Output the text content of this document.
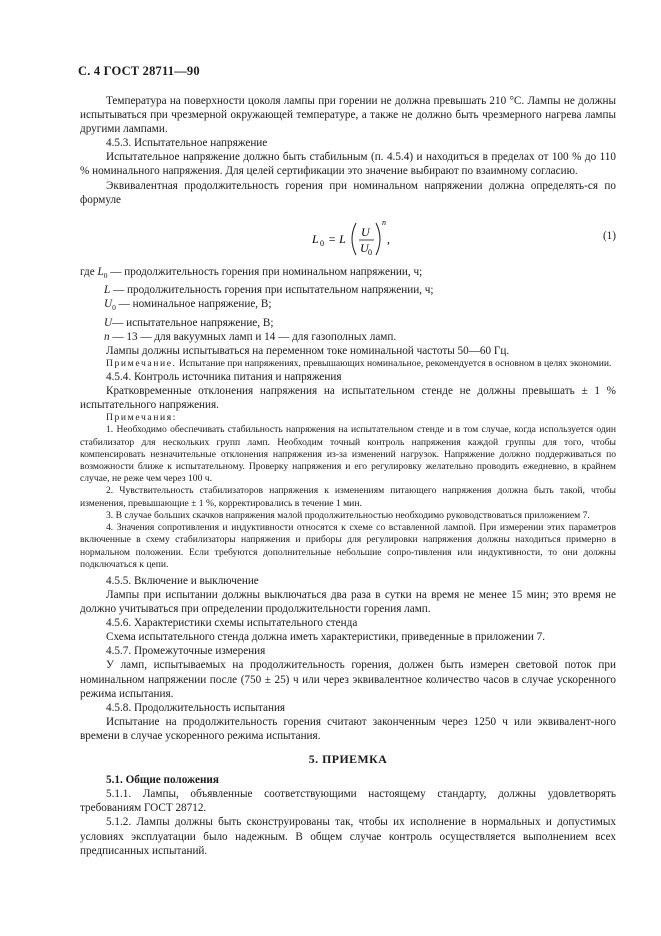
С. 4 ГОСТ 28711—90

Температура на поверхности цоколя лампы при горении не должна превышать 210 °С. Лампы не должны испытываться при чрезмерной окружающей температуре, а также не должно быть чрезмерного нагрева лампы другими лампами.

4.5.3. Испытательное напряжение

Испытательное напряжение должно быть стабильным (п. 4.5.4) и находиться в пределах от 100 % до 110 % номинального напряжения. Для целей сертификации это значение выбирают по взаимному согласию.

Эквивалентная продолжительность горения при номинальном напряжении должна определять-ся по формуле

L 0 = L U
U 0
n
,	(1)
где $L_0$ — продолжительность горения при номинальном напряжении, ч;
L — продолжительность горения при испытательном напряжении, ч;
$U_0$ — номинальное напряжение, В;
U— испытательное напряжение, В;
n — 13 — для вакуумных ламп и 14 — для газополных ламп.

Лампы должны испытываться на переменном токе номинальной частоты 50—60 Гц.

Примечание. Испытание при напряжениях, превышающих номинальное, рекомендуется в основном в целях экономии.

4.5.4. Контроль источника питания и напряжения

Кратковременные отклонения напряжения на испытательном стенде не должны превышать ± 1 % испытательного напряжения.

Примечания:

1. Необходимо обеспечивать стабильность напряжения на испытательном стенде и в том случае, когда используется один стабилизатор для нескольких групп ламп. Необходим точный контроль напряжения каждой группы для того, чтобы компенсировать незначительные отклонения напряжения из-за изменений нагрузок. Напряжение должно поддерживаться по возможности ближе к испытательному. Проверку напряжения и его регулировку желательно проводить ежедневно, в крайнем случае, не реже чем через 100 ч.

2. Чувствительность стабилизаторов напряжения к изменениям питающего напряжения должна быть такой, чтобы изменения, превышающие ± 1 %, корректировались в течение 1 мин.

3. В случае больших скачков напряжения малой продолжительностью необходимо руководствоваться приложением 7.

4. Значения сопротивления и индуктивности относятся к схеме со вставленной лампой. При измерении этих параметров включенные в схему стабилизаторы напряжения и приборы для регулировки напряжения должны находиться примерно в нормальном положении. Если требуются дополнительные небольшие сопро-тивления или индуктивности, то они должны подключаться к цепи.

4.5.5. Включение и выключение

Лампы при испытании должны выключаться два раза в сутки на время не менее 15 мин; это время не должно учитываться при определении продолжительности горения ламп.

4.5.6. Характеристики схемы испытательного стенда

Схема испытательного стенда должна иметь характеристики, приведенные в приложении 7.

4.5.7. Промежуточные измерения

У ламп, испытываемых на продолжительность горения, должен быть измерен световой поток при номинальном напряжении после (750 ± 25) ч или через эквивалентное количество часов в случае ускоренного режима испытания.

4.5.8. Продолжительность испытания

Испытание на продолжительность горения считают законченным через 1250 ч или эквивалент-ного времени в случае ускоренного режима испытания.

5. ПРИЕМКА

5.1. Общие положения

5.1.1. Лампы, объявленные соответствующими настоящему стандарту, должны удовлетворять требованиям ГОСТ 28712.

5.1.2. Лампы должны быть сконструированы так, чтобы их исполнение в нормальных и допустимых условиях эксплуатации было надежным. В общем случае контроль осуществляется выполнением всех предписанных испытаний.
